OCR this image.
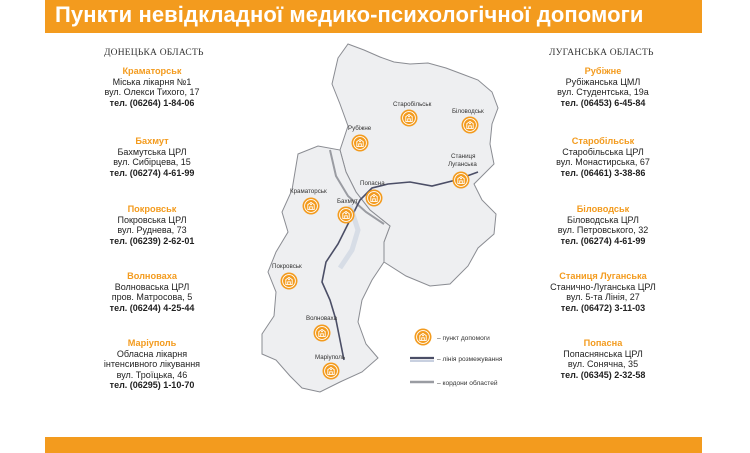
Пункти невідкладної медико-психологічної допомоги
ДОНЕЦЬКА ОБЛАСТЬ	ЛУГАНСЬКА ОБЛАСТЬ
Краматорськ
Міська лікарня №1
вул. Олекси Тихого, 17
тел. (06264) 1-84-06
Бахмут
Бахмутська ЦРЛ
вул. Сибірцева, 15
тел. (06274) 4-61-99
Покровськ
Покровська ЦРЛ
вул. Руднева, 73
тел. (06239) 2-62-01
Волноваха
Волноваська ЦРЛ
пров. Матросова, 5
тел. (06244) 4-25-44
Маріуполь
Обласна лікарня
інтенсивного лікування
вул. Троїцька, 46
тел. (06295) 1-10-70
Рубіжне
Рубіжанська ЦМЛ
вул. Студентська, 19а
тел. (06453) 6-45-84
Старобільськ
Старобільська ЦРЛ
вул. Монастирська, 67
тел. (06461) 3-38-86
Біловодськ
Біловодська ЦРЛ
вул. Петровського, 32
тел. (06274) 4-61-99
Станиця Луганська
Станично-Луганська ЦРЛ
вул. 5-та Лінія, 27
тел. (06472) 3-11-03
Попасна
Попаснянська ЦРЛ
вул. Сонячна, 35
тел. (06345) 2-32-58
Старобільськ
Біловодськ
Рубіжне
Станиця
Луганська
Краматорськ
Бахмут
Попасна
Покровськ
Волноваха
Маріуполь
– пункт допомоги
– лінія розмежування
– кордони областей
